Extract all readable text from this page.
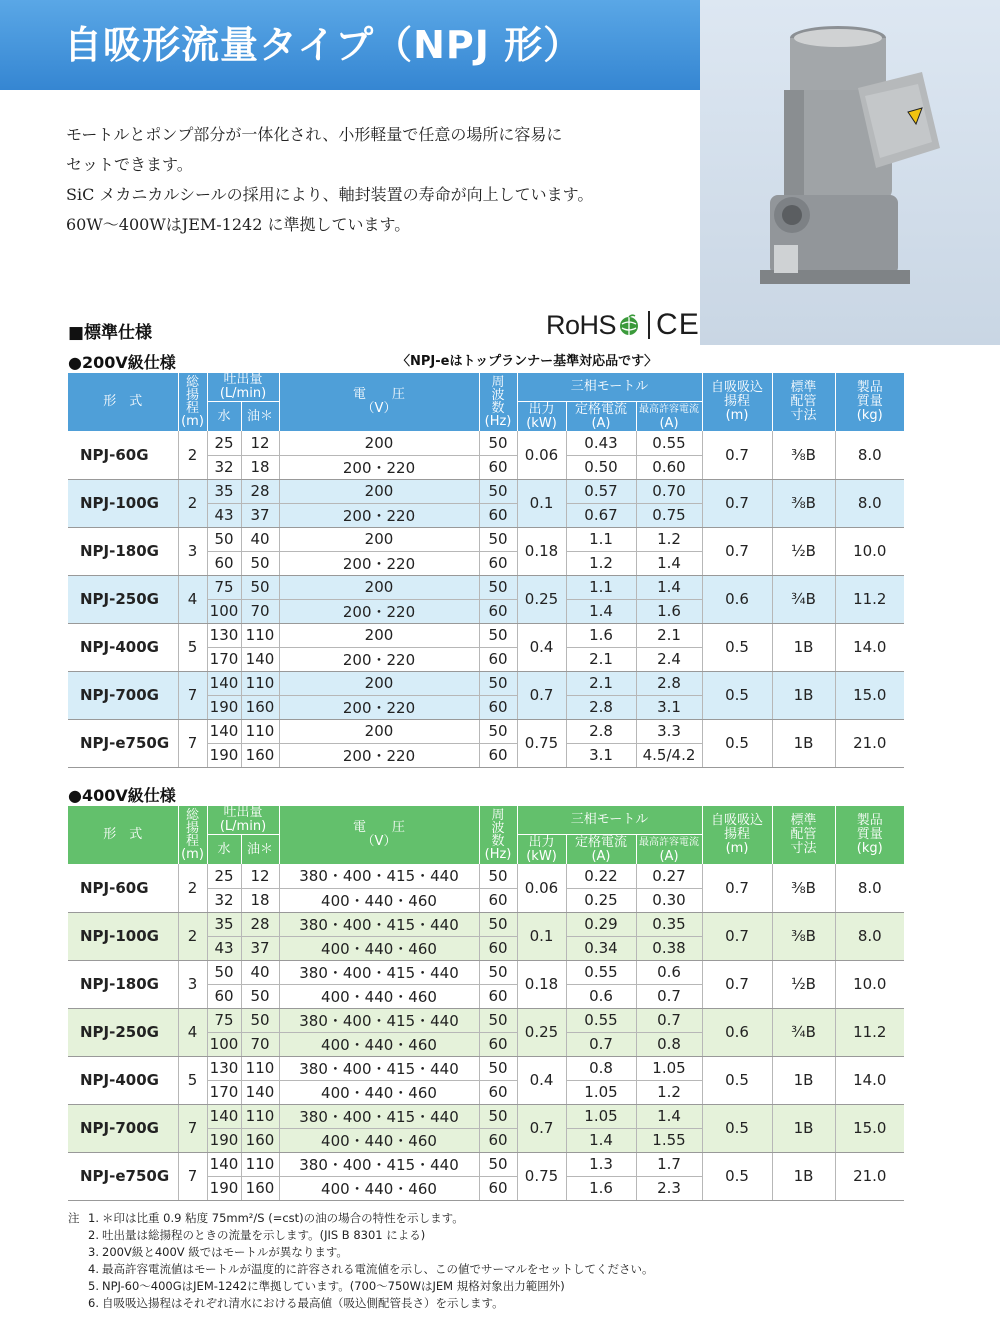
自吸形流量タイプ（NPJ 形）

モートルとポンプ部分が一体化され、小形軽量で任意の場所に容易に

セットできます。

SiC メカニカルシールの採用により、軸封装置の寿命が向上しています。

60W～400WはJEM-1242 に準拠しています。

RoHS CE
■標準仕様
●200V級仕様	〈NPJ-eはトップランナー基準対応品です〉
形　式	総
揚
程
(m)	吐出量
(L/min)		電　　圧
（V）	周
波
数
(Hz)	三相モートル			自吸吸込
揚程
(m)	標準
配管
寸法	製品
質量
(kg)
		水	油＊			出力
(kW)	定格電流
(A)	最高許容電流
(A)			
NPJ-60G	2	25	12	200	50	0.06	0.43	0.55	0.7	⅜B	8.0
		32	18	200・220	60		0.50	0.60			
NPJ-100G	2	35	28	200	50	0.1	0.57	0.70	0.7	⅜B	8.0
		43	37	200・220	60		0.67	0.75			
NPJ-180G	3	50	40	200	50	0.18	1.1	1.2	0.7	½B	10.0
		60	50	200・220	60		1.2	1.4			
NPJ-250G	4	75	50	200	50	0.25	1.1	1.4	0.6	¾B	11.2
		100	70	200・220	60		1.4	1.6			
NPJ-400G	5	130	110	200	50	0.4	1.6	2.1	0.5	1B	14.0
		170	140	200・220	60		2.1	2.4			
NPJ-700G	7	140	110	200	50	0.7	2.1	2.8	0.5	1B	15.0
		190	160	200・220	60		2.8	3.1			
NPJ-e750G	7	140	110	200	50	0.75	2.8	3.3	0.5	1B	21.0
		190	160	200・220	60		3.1	4.5/4.2			
●400V級仕様
形　式	総
揚
程
(m)	吐出量
(L/min)		電　　圧
（V）	周
波
数
(Hz)	三相モートル			自吸吸込
揚程
(m)	標準
配管
寸法	製品
質量
(kg)
		水	油＊			出力
(kW)	定格電流
(A)	最高許容電流
(A)			
NPJ-60G	2	25	12	380・400・415・440	50	0.06	0.22	0.27	0.7	⅜B	8.0
		32	18	400・440・460	60		0.25	0.30			
NPJ-100G	2	35	28	380・400・415・440	50	0.1	0.29	0.35	0.7	⅜B	8.0
		43	37	400・440・460	60		0.34	0.38			
NPJ-180G	3	50	40	380・400・415・440	50	0.18	0.55	0.6	0.7	½B	10.0
		60	50	400・440・460	60		0.6	0.7			
NPJ-250G	4	75	50	380・400・415・440	50	0.25	0.55	0.7	0.6	¾B	11.2
		100	70	400・440・460	60		0.7	0.8			
NPJ-400G	5	130	110	380・400・415・440	50	0.4	0.8	1.05	0.5	1B	14.0
		170	140	400・440・460	60		1.05	1.2			
NPJ-700G	7	140	110	380・400・415・440	50	0.7	1.05	1.4	0.5	1B	15.0
		190	160	400・440・460	60		1.4	1.55			
NPJ-e750G	7	140	110	380・400・415・440	50	0.75	1.3	1.7	0.5	1B	21.0
		190	160	400・440・460	60		1.6	2.3			
注 1. ＊印は比重 0.9 粘度 75mm²/S (=cst)の油の場合の特性を示します。
2. 吐出量は総揚程のときの流量を示します。(JIS B 8301 による)
3. 200V級と400V 級ではモートルが異なります。
4. 最高許容電流値はモートルが温度的に許容される電流値を示し、この値でサーマルをセットしてください。
5. NPJ-60～400GはJEM-1242に準拠しています。(700～750WはJEM 規格対象出力範囲外)
6. 自吸吸込揚程はそれぞれ清水における最高値（吸込側配管長さ）を示します。
